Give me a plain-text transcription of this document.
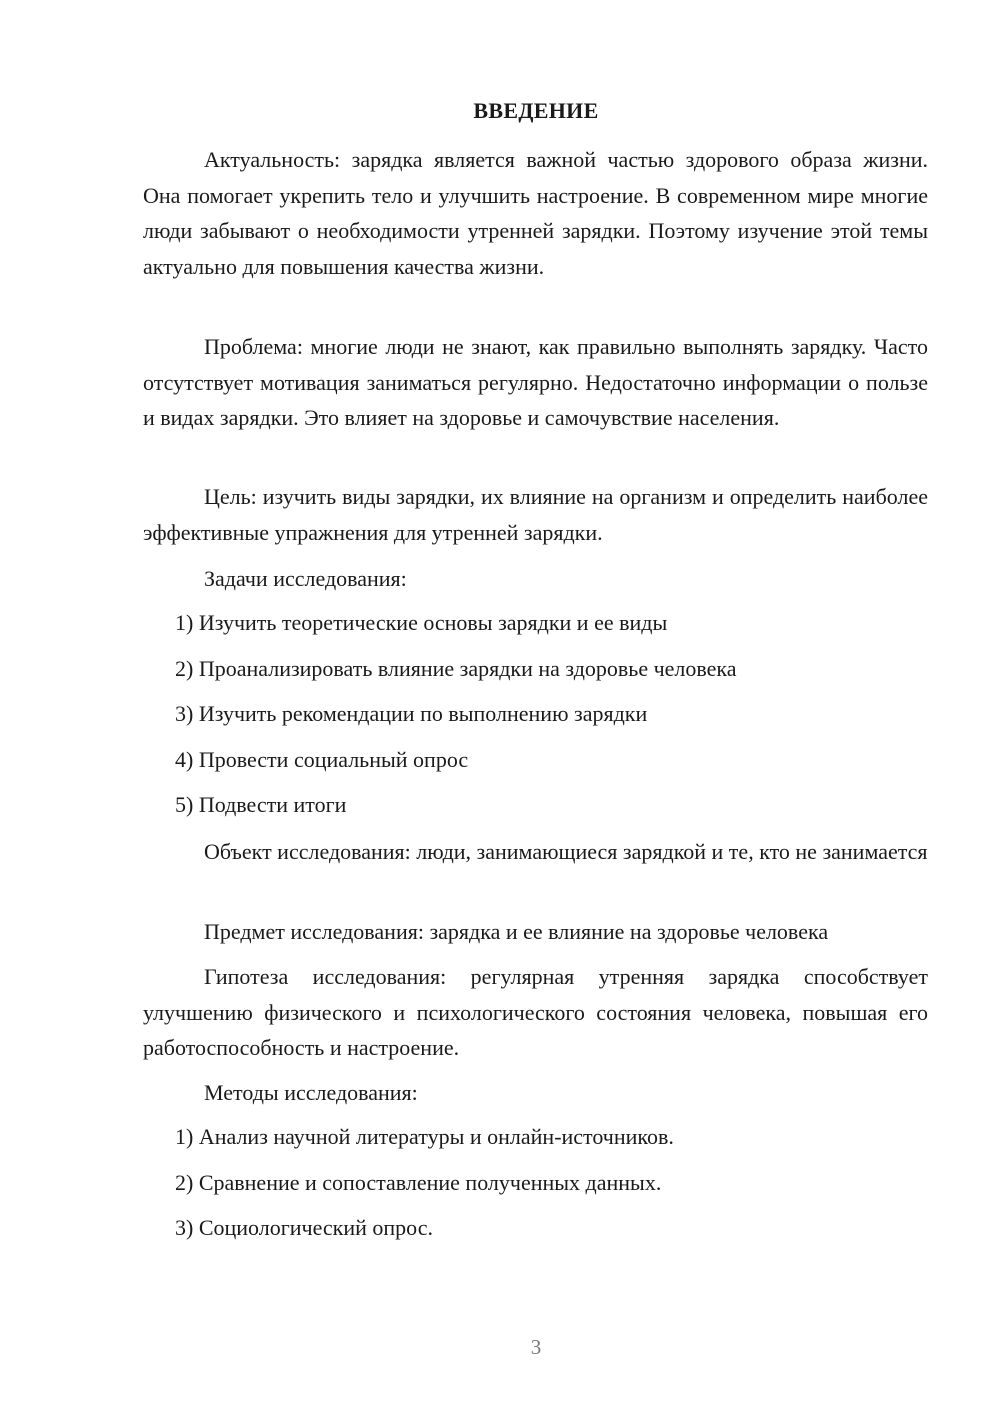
ВВЕДЕНИЕ

Актуальность: зарядка является важной частью здорового образа жизни. Она помогает укрепить тело и улучшить настроение. В современном мире многие люди забывают о необходимости утренней зарядки. Поэтому изучение этой темы актуально для повышения качества жизни.

Проблема: многие люди не знают, как правильно выполнять зарядку. Часто отсутствует мотивация заниматься регулярно. Недостаточно информации о пользе и видах зарядки. Это влияет на здоровье и самочувствие населения.

Цель: изучить виды зарядки, их влияние на организм и определить наиболее эффективные упражнения для утренней зарядки.

Задачи исследования:

1) Изучить теоретические основы зарядки и ее виды

2) Проанализировать влияние зарядки на здоровье человека

3) Изучить рекомендации по выполнению зарядки

4) Провести социальный опрос

5) Подвести итоги

Объект исследования: люди, занимающиеся зарядкой и те, кто не занимается

Предмет исследования: зарядка и ее влияние на здоровье человека

Гипотеза исследования: регулярная утренняя зарядка способствует улучшению физического и психологического состояния человека, повышая его работоспособность и настроение.

Методы исследования:

1) Анализ научной литературы и онлайн-источников.

2) Сравнение и сопоставление полученных данных.

3) Социологический опрос.

3
